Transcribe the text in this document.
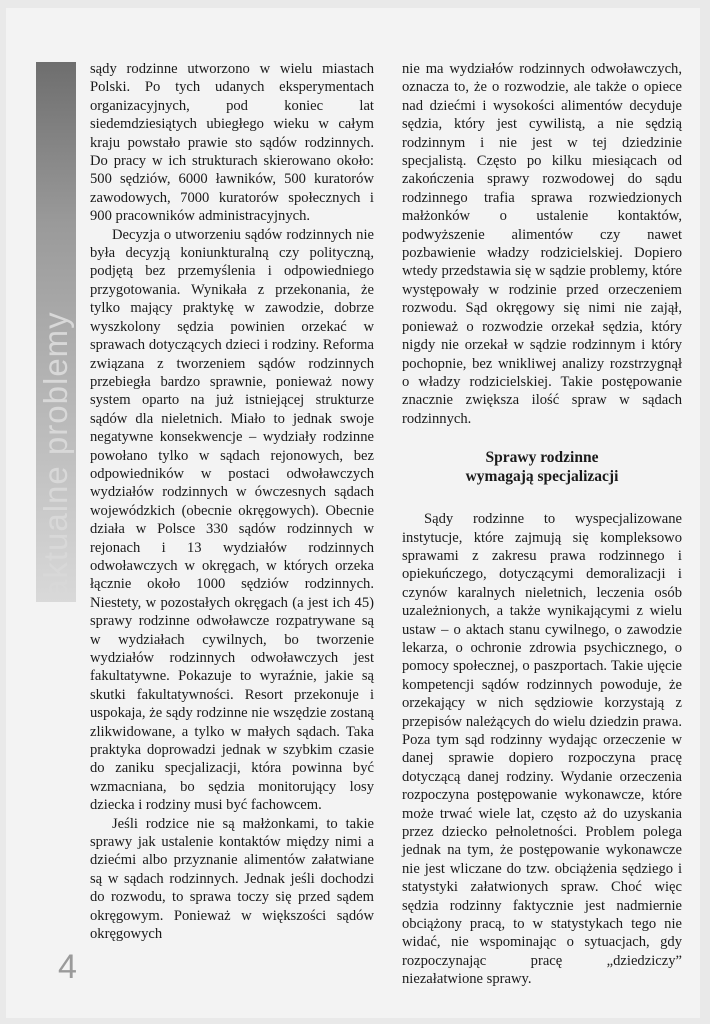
aktualne problemy

sądy rodzinne utworzono w wielu miastach Polski. Po tych udanych eksperymentach organizacyjnych, pod koniec lat siedemdziesiątych ubiegłego wieku w całym kraju powstało prawie sto sądów rodzinnych. Do pracy w ich strukturach skierowano około: 500 sędziów, 6000 ławników, 500 kuratorów zawodowych, 7000 kuratorów społecznych i 900 pracowników administracyjnych.

Decyzja o utworzeniu sądów rodzinnych nie była decyzją koniunkturalną czy polityczną, podjętą bez przemyślenia i odpowiedniego przygotowania. Wynikała z przekonania, że tylko mający praktykę w zawodzie, dobrze wyszkolony sędzia powinien orzekać w sprawach dotyczących dzieci i rodziny. Reforma związana z tworzeniem sądów rodzinnych przebiegła bardzo sprawnie, ponieważ nowy system oparto na już istniejącej strukturze sądów dla nieletnich. Miało to jednak swoje negatywne konsekwencje – wydziały rodzinne powołano tylko w sądach rejonowych, bez odpowiedników w postaci odwoławczych wydziałów rodzinnych w ówczesnych sądach wojewódzkich (obecnie okręgowych). Obecnie działa w Polsce 330 sądów rodzinnych w rejonach i 13 wydziałów rodzinnych odwoławczych w okręgach, w których orzeka łącznie około 1000 sędziów rodzinnych. Niestety, w pozostałych okręgach (a jest ich 45) sprawy rodzinne odwoławcze rozpatrywane są w wydziałach cywilnych, bo tworzenie wydziałów rodzinnych odwoławczych jest fakultatywne. Pokazuje to wyraźnie, jakie są skutki fakultatywności. Resort przekonuje i uspokaja, że sądy rodzinne nie wszędzie zostaną zlikwidowane, a tylko w małych sądach. Taka praktyka doprowadzi jednak w szybkim czasie do zaniku specjalizacji, która powinna być wzmacniana, bo sędzia monitorujący losy dziecka i rodziny musi być fachowcem.

Jeśli rodzice nie są małżonkami, to takie sprawy jak ustalenie kontaktów między nimi a dziećmi albo przyznanie alimentów załatwiane są w sądach rodzinnych. Jednak jeśli dochodzi do rozwodu, to sprawa toczy się przed sądem okręgowym. Ponieważ w większości sądów okręgowych

nie ma wydziałów rodzinnych odwoławczych, oznacza to, że o rozwodzie, ale także o opiece nad dziećmi i wysokości alimentów decyduje sędzia, który jest cywilistą, a nie sędzią rodzinnym i nie jest w tej dziedzinie specjalistą. Często po kilku miesiącach od zakończenia sprawy rozwodowej do sądu rodzinnego trafia sprawa rozwiedzionych małżonków o ustalenie kontaktów, podwyższenie alimentów czy nawet pozbawienie władzy rodzicielskiej. Dopiero wtedy przedstawia się w sądzie problemy, które występowały w rodzinie przed orzeczeniem rozwodu. Sąd okręgowy się nimi nie zajął, ponieważ o rozwodzie orzekał sędzia, który nigdy nie orzekał w sądzie rodzinnym i który pochopnie, bez wnikliwej analizy rozstrzygnął o władzy rodzicielskiej. Takie postępowanie znacznie zwiększa ilość spraw w sądach rodzinnych.

Sprawy rodzinne
wymagają specjalizacji

Sądy rodzinne to wyspecjalizowane instytucje, które zajmują się kompleksowo sprawami z zakresu prawa rodzinnego i opiekuńczego, dotyczącymi demoralizacji i czynów karalnych nieletnich, leczenia osób uzależnionych, a także wynikającymi z wielu ustaw – o aktach stanu cywilnego, o zawodzie lekarza, o ochronie zdrowia psychicznego, o pomocy społecznej, o paszportach. Takie ujęcie kompetencji sądów rodzinnych powoduje, że orzekający w nich sędziowie korzystają z przepisów należących do wielu dziedzin prawa. Poza tym sąd rodzinny wydając orzeczenie w danej sprawie dopiero rozpoczyna pracę dotyczącą danej rodziny. Wydanie orzeczenia rozpoczyna postępowanie wykonawcze, które może trwać wiele lat, często aż do uzyskania przez dziecko pełnoletności. Problem polega jednak na tym, że postępowanie wykonawcze nie jest wliczane do tzw. obciążenia sędziego i statystyki załatwionych spraw. Choć więc sędzia rodzinny faktycznie jest nadmiernie obciążony pracą, to w statystykach tego nie widać, nie wspominając o sytuacjach, gdy rozpoczynając pracę „dziedziczy” niezałatwione sprawy.

4
